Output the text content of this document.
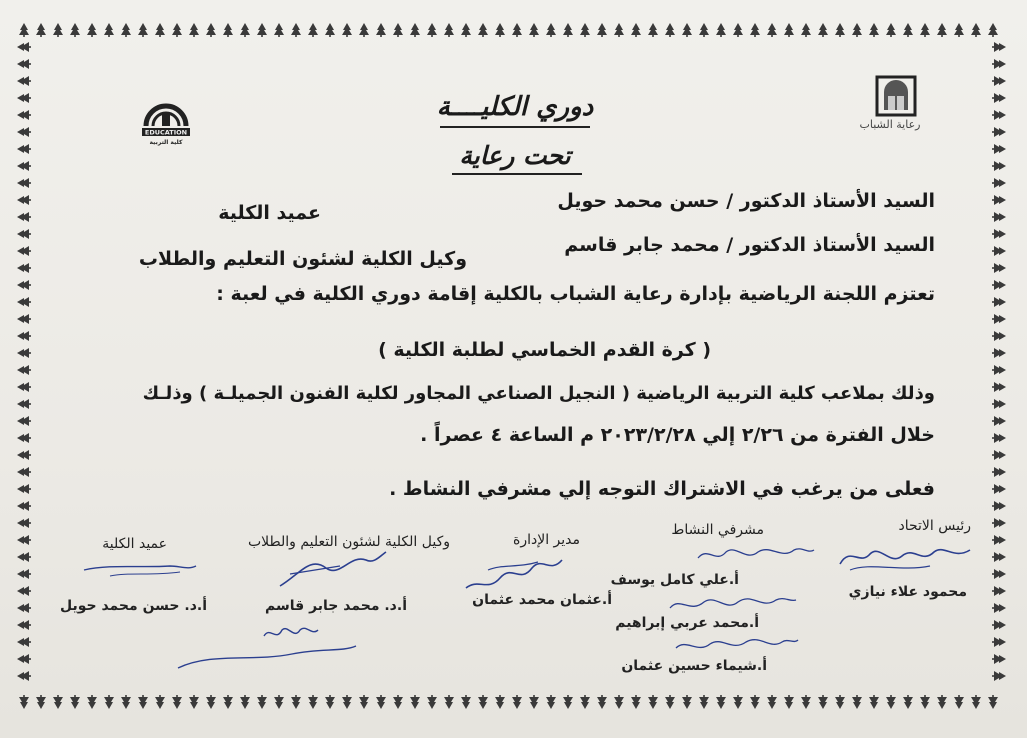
EDUCATION
كلية التربية
رعاية الشباب
دوري الكليــــة
تحت رعاية
السيد الأستاذ الدكتور / حسن محمد حويل
عميد الكلية
السيد الأستاذ الدكتور / محمد جابر قاسم
وكيل الكلية لشئون التعليم والطلاب
تعتزم اللجنة الرياضية بإدارة رعاية الشباب بالكلية إقامة دوري الكلية في لعبة :
( كرة القدم الخماسي لطلبة الكلية )
وذلك بملاعب كلية التربية الرياضية ( النجيل الصناعي المجاور لكلية الفنون الجميلـة ) وذلـك
خلال الفترة من ٢/٢٦ إلي ٢٠٢٣/٢/٢٨ م الساعة ٤ عصراً .
فعلى من يرغب في الاشتراك التوجه إلي مشرفي النشاط .
رئيس الاتحاد
مشرفي النشاط
مدير الإدارة
وكيل الكلية لشئون التعليم والطلاب
عميد الكلية
محمود علاء نيازي
أ.علي كامل يوسف
أ.محمد عربي إبراهيم
أ.شيماء حسين عثمان
أ.عثمان محمد عثمان
أ.د. محمد جابر قاسم
أ.د. حسن محمد حويل
